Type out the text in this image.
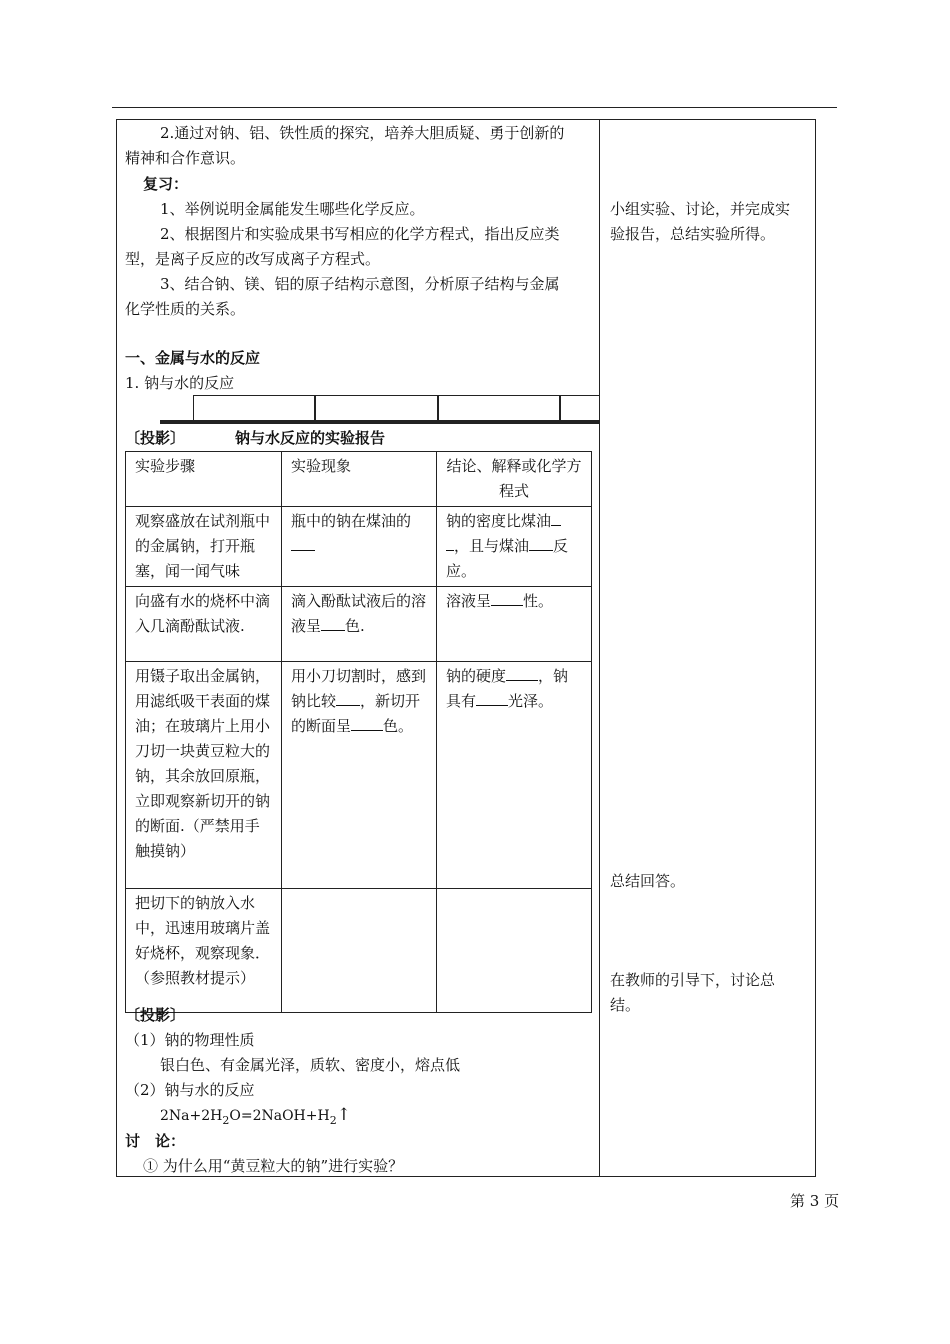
2.通过对钠、铝、铁性质的探究，培养大胆质疑、勇于创新的
精神和合作意识。
复习：
1、举例说明金属能发生哪些化学反应。
2、根据图片和实验成果书写相应的化学方程式，指出反应类
型，是离子反应的改写成离子方程式。
3、结合钠、镁、铝的原子结构示意图，分析原子结构与金属
化学性质的关系。
一、金属与水的反应
1. 钠与水的反应
〔投影〕	钠与水反应的实验报告
实验步骤	实验现象	结论、解释或化学方程式
观察盛放在试剂瓶中的金属钠，打开瓶塞，闻一闻气味	瓶中的钠在煤油的	钠的密度比煤油
，且与煤油 反应。
向盛有水的烧杯中滴入几滴酚酞试液.	滴入酚酞试液后的溶液呈 色.	溶液呈 性。
用镊子取出金属钠，用滤纸吸干表面的煤油；在玻璃片上用小刀切一块黄豆粒大的钠，其余放回原瓶，立即观察新切开的钠的断面.（严禁用手触摸钠）	用小刀切割时，感到钠比较 ，新切开的断面呈 色。	钠的硬度 ，钠具有 光泽。
把切下的钠放入水中，迅速用玻璃片盖好烧杯，观察现象．（参照教材提示）		
〔投影〕
（1）钠的物理性质
银白色、有金属光泽，质软、密度小，熔点低
（2）钠与水的反应
$2Na+2H_2O=2NaOH+H_2↑$
讨　论：
① 为什么用“黄豆粒大的钠”进行实验？
小组实验、讨论，并完成实
验报告，总结实验所得。
总结回答。
在教师的引导下，讨论总
结。
第 3 页
